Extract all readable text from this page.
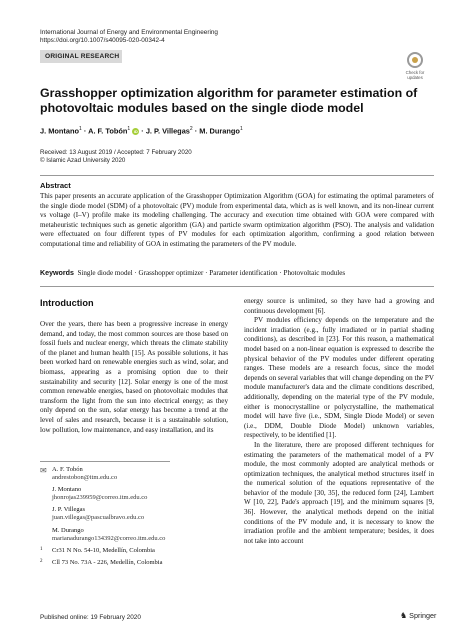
International Journal of Energy and Environmental Engineering
https://doi.org/10.1007/s40095-020-00342-4
ORIGINAL RESEARCH
Check for updates
Grasshopper optimization algorithm for parameter estimation of photovoltaic modules based on the single diode model
J. Montano$^1$ · A. F. Tobón$^1$ iD · J. P. Villegas$^2$ · M. Durango$^1$
Received: 13 August 2019 / Accepted: 7 February 2020
© Islamic Azad University 2020
Abstract
This paper presents an accurate application of the Grasshopper Optimization Algorithm (GOA) for estimating the optimal parameters of the single diode model (SDM) of a photovoltaic (PV) module from experimental data, which as is well known, and its non-linear current vs voltage (I–V) profile make its modeling challenging. The accuracy and execution time obtained with GOA were compared with metaheuristic techniques such as genetic algorithm (GA) and particle swarm optimization algorithm (PSO). The analysis and validation were effectuated on four different types of PV modules for each optimization algorithm, confirming a good relation between computational time and reliability of GOA in estimating the parameters of the PV module.
Keywords Single diode model · Grasshopper optimizer · Parameter identification · Photovoltaic modules
Introduction

Over the years, there has been a progressive increase in energy demand, and today, the most common sources are those based on fossil fuels and nuclear energy, which threats the climate stability of the planet and human health [15]. As possible solutions, it has been worked hard on renewable energies such as wind, solar, and biomass, appearing as a promising option due to their sustainability and security [12]. Solar energy is one of the most common renewable energies, based on photovoltaic modules that transform the light from the sun into electrical energy; as they only depend on the sun, solar energy has become a trend at the level of sales and research, because it is a sustainable solution, low pollution, low maintenance, and easy installation, and its

energy source is unlimited, so they have had a growing and continuous development [6].

PV modules efficiency depends on the temperature and the incident irradiation (e.g., fully irradiated or in partial shading conditions), as described in [23]. For this reason, a mathematical model based on a non-linear equation is expressed to describe the physical behavior of the PV modules under different operating ranges. These models are a research focus, since the model depends on several variables that will change depending on the PV module manufacturer's data and the climate conditions described, additionally, depending on the material type of the PV module, either is monocrystalline or polycrystalline, the mathematical model will have five (i.e., SDM, Single Diode Model) or seven (i.e., DDM, Double Diode Model) unknown variables, respectively, to be identified [1].

In the literature, there are proposed different techniques for estimating the parameters of the mathematical model of a PV module, the most commonly adopted are analytical methods or optimization techniques, the analytical method structures itself in the numerical solution of the equations representative of the behavior of the module [30, 35], the reduced form [24], Lambert W [10, 22], Pade's approach [19], and the minimum squares [9, 36]. However, the analytical methods depend on the initial conditions of the PV module and, it is necessary to know the irradiation profile and the ambient temperature; besides, it does not take into account

✉ A. F. Tobón
andrestobon@itm.edu.co
J. Montano
jhonrojas239959@correo.itm.edu.co
J. P. Villegas
juan.villegas@pascualbravo.edu.co
M. Durango
marianadurango134392@correo.itm.edu.co
1 Cr31 N No. 54-10, Medellín, Colombia
2 Cll 73 No. 73A - 226, Medellín, Colombia
Published online: 19 February 2020	♞ Springer
